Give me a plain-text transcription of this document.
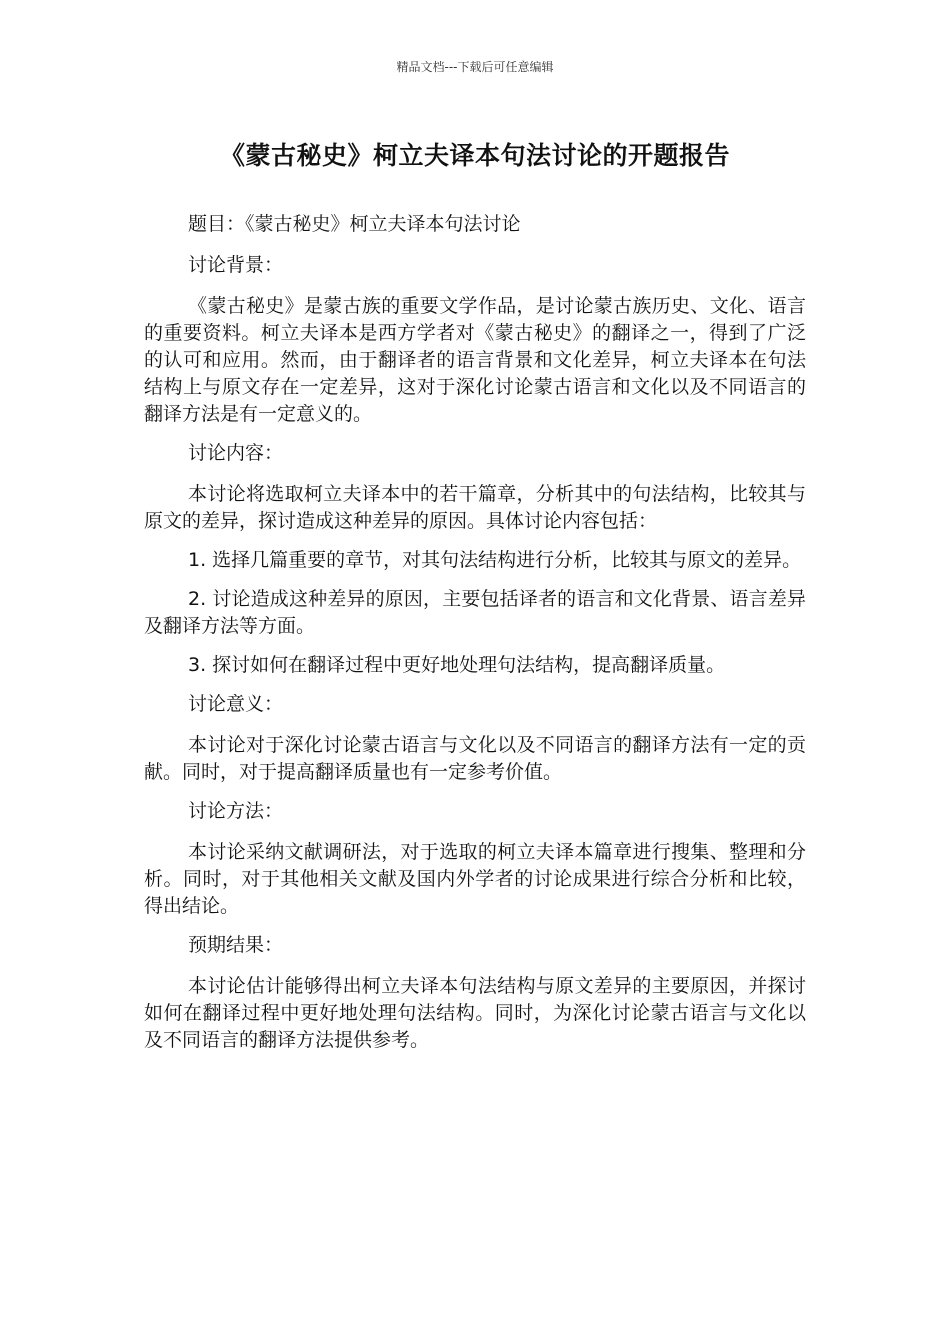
精品文档---下载后可任意编辑
《蒙古秘史》柯立夫译本句法讨论的开题报告

题目：《蒙古秘史》柯立夫译本句法讨论

讨论背景：

《蒙古秘史》是蒙古族的重要文学作品，是讨论蒙古族历史、文化、语言的重要资料。柯立夫译本是西方学者对《蒙古秘史》的翻译之一，得到了广泛的认可和应用。然而，由于翻译者的语言背景和文化差异，柯立夫译本在句法结构上与原文存在一定差异，这对于深化讨论蒙古语言和文化以及不同语言的翻译方法是有一定意义的。

讨论内容：

本讨论将选取柯立夫译本中的若干篇章，分析其中的句法结构，比较其与原文的差异，探讨造成这种差异的原因。具体讨论内容包括：

1. 选择几篇重要的章节，对其句法结构进行分析，比较其与原文的差异。

2. 讨论造成这种差异的原因，主要包括译者的语言和文化背景、语言差异及翻译方法等方面。

3. 探讨如何在翻译过程中更好地处理句法结构，提高翻译质量。

讨论意义：

本讨论对于深化讨论蒙古语言与文化以及不同语言的翻译方法有一定的贡献。同时，对于提高翻译质量也有一定参考价值。

讨论方法：

本讨论采纳文献调研法，对于选取的柯立夫译本篇章进行搜集、整理和分析。同时，对于其他相关文献及国内外学者的讨论成果进行综合分析和比较，得出结论。

预期结果：

本讨论估计能够得出柯立夫译本句法结构与原文差异的主要原因，并探讨如何在翻译过程中更好地处理句法结构。同时，为深化讨论蒙古语言与文化以及不同语言的翻译方法提供参考。
